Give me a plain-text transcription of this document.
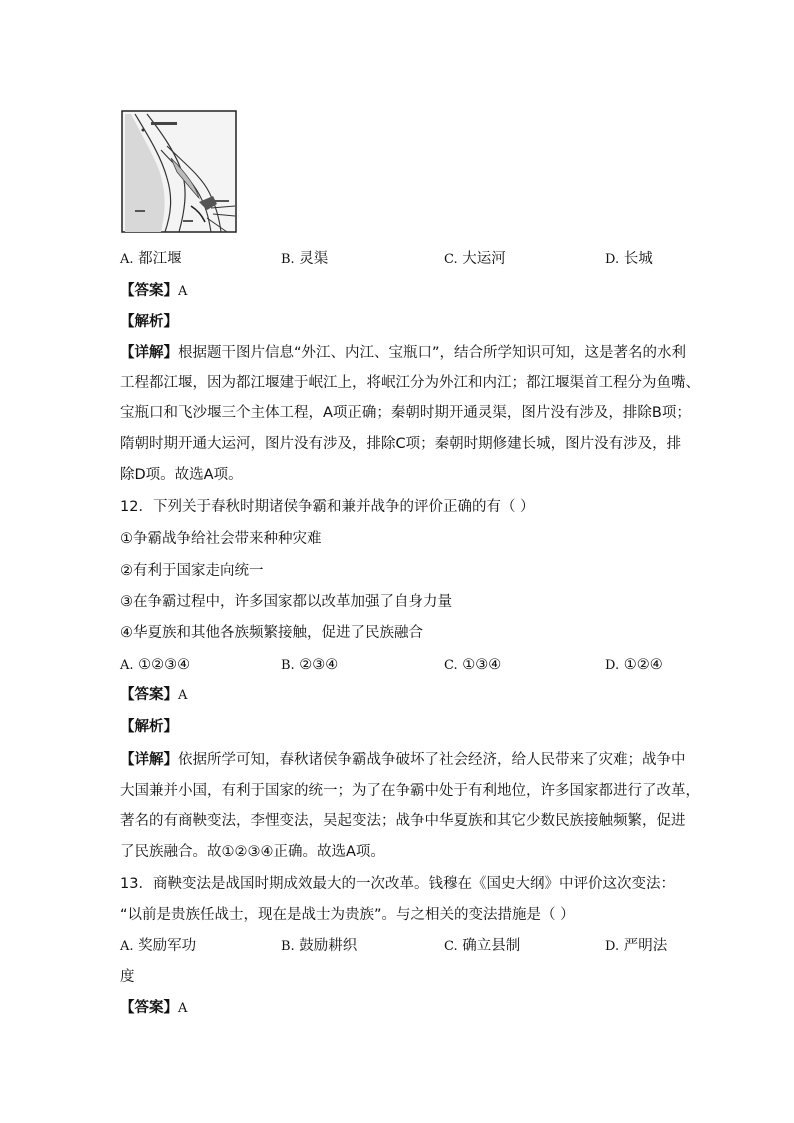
A. 都江堰	B. 灵渠	C. 大运河	D. 长城
【答案】A
【解析】
【详解】根据题干图片信息“外江、内江、宝瓶口”，结合所学知识可知，这是著名的水利
工程都江堰，因为都江堰建于岷江上，将岷江分为外江和内江；都江堰渠首工程分为鱼嘴、
宝瓶口和飞沙堰三个主体工程，A项正确；秦朝时期开通灵渠，图片没有涉及，排除B项；
隋朝时期开通大运河，图片没有涉及，排除C项；秦朝时期修建长城，图片没有涉及，排
除D项。故选A项。
12．下列关于春秋时期诸侯争霸和兼并战争的评价正确的有（ ）
①争霸战争给社会带来种种灾难
②有利于国家走向统一
③在争霸过程中，许多国家都以改革加强了自身力量
④华夏族和其他各族频繁接触，促进了民族融合
A. ①②③④	B. ②③④	C. ①③④	D. ①②④
【答案】A
【解析】
【详解】依据所学可知，春秋诸侯争霸战争破坏了社会经济，给人民带来了灾难；战争中
大国兼并小国，有利于国家的统一；为了在争霸中处于有利地位，许多国家都进行了改革，
著名的有商鞅变法，李悝变法，吴起变法；战争中华夏族和其它少数民族接触频繁，促进
了民族融合。故①②③④正确。故选A项。
13．商鞅变法是战国时期成效最大的一次改革。钱穆在《国史大纲》中评价这次变法：
“以前是贵族任战士，现在是战士为贵族”。与之相关的变法措施是（ ）
A. 奖励军功	B. 鼓励耕织	C. 确立县制	D. 严明法
度
【答案】A
